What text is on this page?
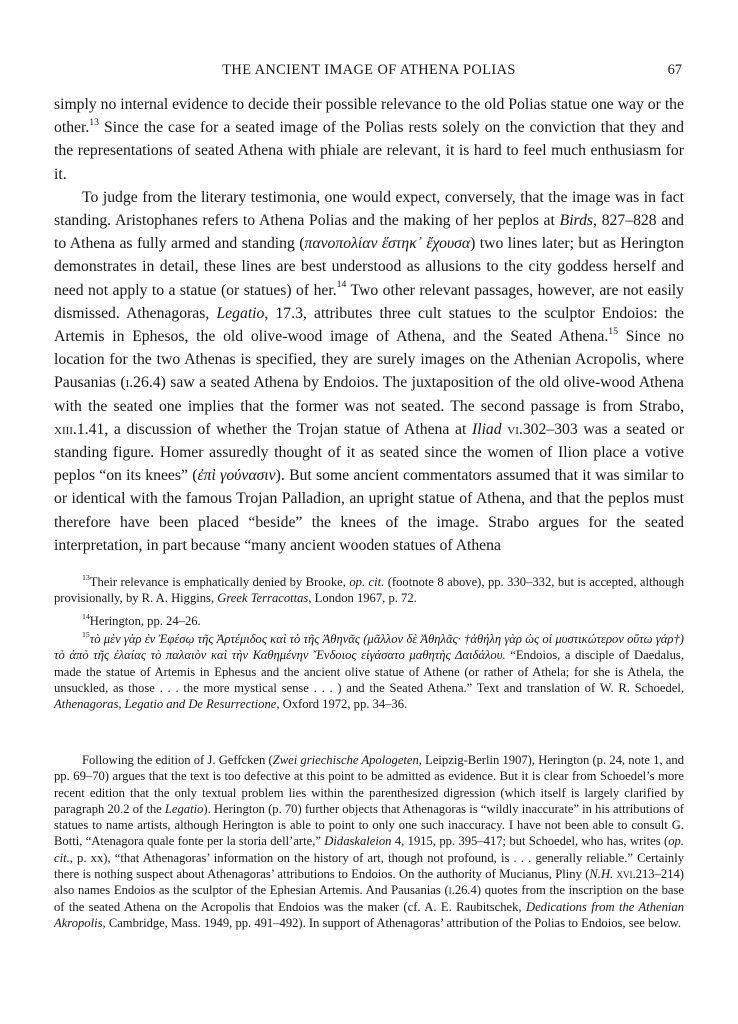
THE ANCIENT IMAGE OF ATHENA POLIAS	67

simply no internal evidence to decide their possible relevance to the old Polias statue one way or the other.$^{13}$ Since the case for a seated image of the Polias rests solely on the conviction that they and the representations of seated Athena with phiale are relevant, it is hard to feel much enthusiasm for it.

To judge from the literary testimonia, one would expect, conversely, that the image was in fact standing. Aristophanes refers to Athena Polias and the making of her peplos at Birds, 827–828 and to Athena as fully armed and standing (πανοπολίαν ἕστηκ᾽ ἔχουσα) two lines later; but as Herington demonstrates in detail, these lines are best understood as allusions to the city goddess herself and need not apply to a statue (or statues) of her.$^{14}$ Two other relevant passages, however, are not easily dismissed. Athenagoras, Legatio, 17.3, attributes three cult statues to the sculptor Endoios: the Artemis in Ephesos, the old olive-wood image of Athena, and the Seated Athena.$^{15}$ Since no location for the two Athenas is specified, they are surely images on the Athenian Acropolis, where Pausanias (i.26.4) saw a seated Athena by Endoios. The juxtaposition of the old olive-wood Athena with the seated one implies that the former was not seated. The second passage is from Strabo, xiii.1.41, a discussion of whether the Trojan statue of Athena at Iliad vi.302–303 was a seated or standing figure. Homer assuredly thought of it as seated since the women of Ilion place a votive peplos “on its knees” (ἐπὶ γούνασιν). But some ancient commentators assumed that it was similar to or identical with the famous Trojan Palladion, an upright statue of Athena, and that the peplos must therefore have been placed “beside” the knees of the image. Strabo argues for the seated interpretation, in part because “many ancient wooden statues of Athena

$^{13}$Their relevance is emphatically denied by Brooke, op. cit. (footnote 8 above), pp. 330–332, but is accepted, although provisionally, by R. A. Higgins, Greek Terracottas, London 1967, p. 72.

$^{14}$Herington, pp. 24–26.

$^{15}$τὸ μὲν γὰρ ἐν Ἐφέσῳ τῆς Ἀρτέμιδος καὶ τὸ τῆς Ἀθηνᾶς (μᾶλλον δὲ Ἀθηλᾶς· †ἀθήλη γὰρ ὡς οἱ μυστικώτερον οὕτω γάρ†) τὸ ἀπὸ τῆς ἐλαίας τὸ παλαιὸν καὶ τὴν Καθημένην Ἔνδοιος εἰγάσατο μαθητὴς Δαιδάλου. “Endoios, a disciple of Daedalus, made the statue of Artemis in Ephesus and the ancient olive statue of Athene (or rather of Athela; for she is Athela, the unsuckled, as those . . . the more mystical sense . . . ) and the Seated Athena.” Text and translation of W. R. Schoedel, Athenagoras, Legatio and De Resurrectione, Oxford 1972, pp. 34–36.

Following the edition of J. Geffcken (Zwei griechische Apologeten, Leipzig-Berlin 1907), Herington (p. 24, note 1, and pp. 69–70) argues that the text is too defective at this point to be admitted as evidence. But it is clear from Schoedel’s more recent edition that the only textual problem lies within the parenthesized digression (which itself is largely clarified by paragraph 20.2 of the Legatio). Herington (p. 70) further objects that Athenagoras is “wildly inaccurate” in his attributions of statues to name artists, although Herington is able to point to only one such inaccuracy. I have not been able to consult G. Botti, “Atenagora quale fonte per la storia dell’arte,” Didaskaleion 4, 1915, pp. 395–417; but Schoedel, who has, writes (op. cit., p. xx), “that Athenagoras’ information on the history of art, though not profound, is . . . generally reliable.” Certainly there is nothing suspect about Athenagoras’ attributions to Endoios. On the authority of Mucianus, Pliny (N.H. xvi.213–214) also names Endoios as the sculptor of the Ephesian Artemis. And Pausanias (i.26.4) quotes from the inscription on the base of the seated Athena on the Acropolis that Endoios was the maker (cf. A. E. Raubitschek, Dedications from the Athenian Akropolis, Cambridge, Mass. 1949, pp. 491–492). In support of Athenagoras’ attribution of the Polias to Endoios, see below.
